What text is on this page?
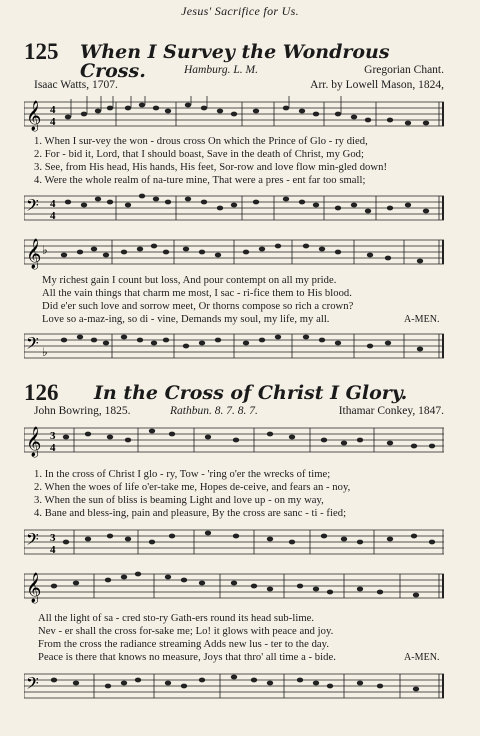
Jesus' Sacrifice for Us.
125 When I Survey the Wondrous Cross.	Hamburg. L. M.	Gregorian Chant.
Isaac Watts, 1707.	Arr. by Lowell Mason, 1824,
𝄞 4
4
1. When I sur-vey the won - drous cross On which the Prince of Glo - ry died,
2. For - bid it, Lord, that I should boast, Save in the death of Christ, my God;
3. See, from His head, His hands, His feet, Sor-row and love flow min-gled down!
4. Were the whole realm of na-ture mine, That were a pres - ent far too small;
𝄢 4
4
𝄞 ♭
My richest gain I count but loss, And pour contempt on all my pride.
All the vain things that charm me most, I sac - ri-fice them to His blood.
Did e'er such love and sorrow meet, Or thorns compose so rich a crown?
Love so a-maz-ing, so di - vine, Demands my soul, my life, my all.	A-MEN.
𝄢 ♭
126 In the Cross of Christ I Glory.
John Bowring, 1825.	Rathbun. 8. 7. 8. 7.	Ithamar Conkey, 1847.
𝄞 3
4
1. In the cross of Christ I glo - ry, Tow - 'ring o'er the wrecks of time;
2. When the woes of life o'er-take me, Hopes de-ceive, and fears an - noy,
3. When the sun of bliss is beaming Light and love up - on my way,
4. Bane and bless-ing, pain and pleasure, By the cross are sanc - ti - fied;
𝄢 3
4
𝄞
All the light of sa - cred sto-ry Gath-ers round its head sub-lime.
Nev - er shall the cross for-sake me; Lo! it glows with peace and joy.
From the cross the radiance streaming Adds new lus - ter to the day.
Peace is there that knows no measure, Joys that thro' all time a - bide.	A-MEN.
𝄢
